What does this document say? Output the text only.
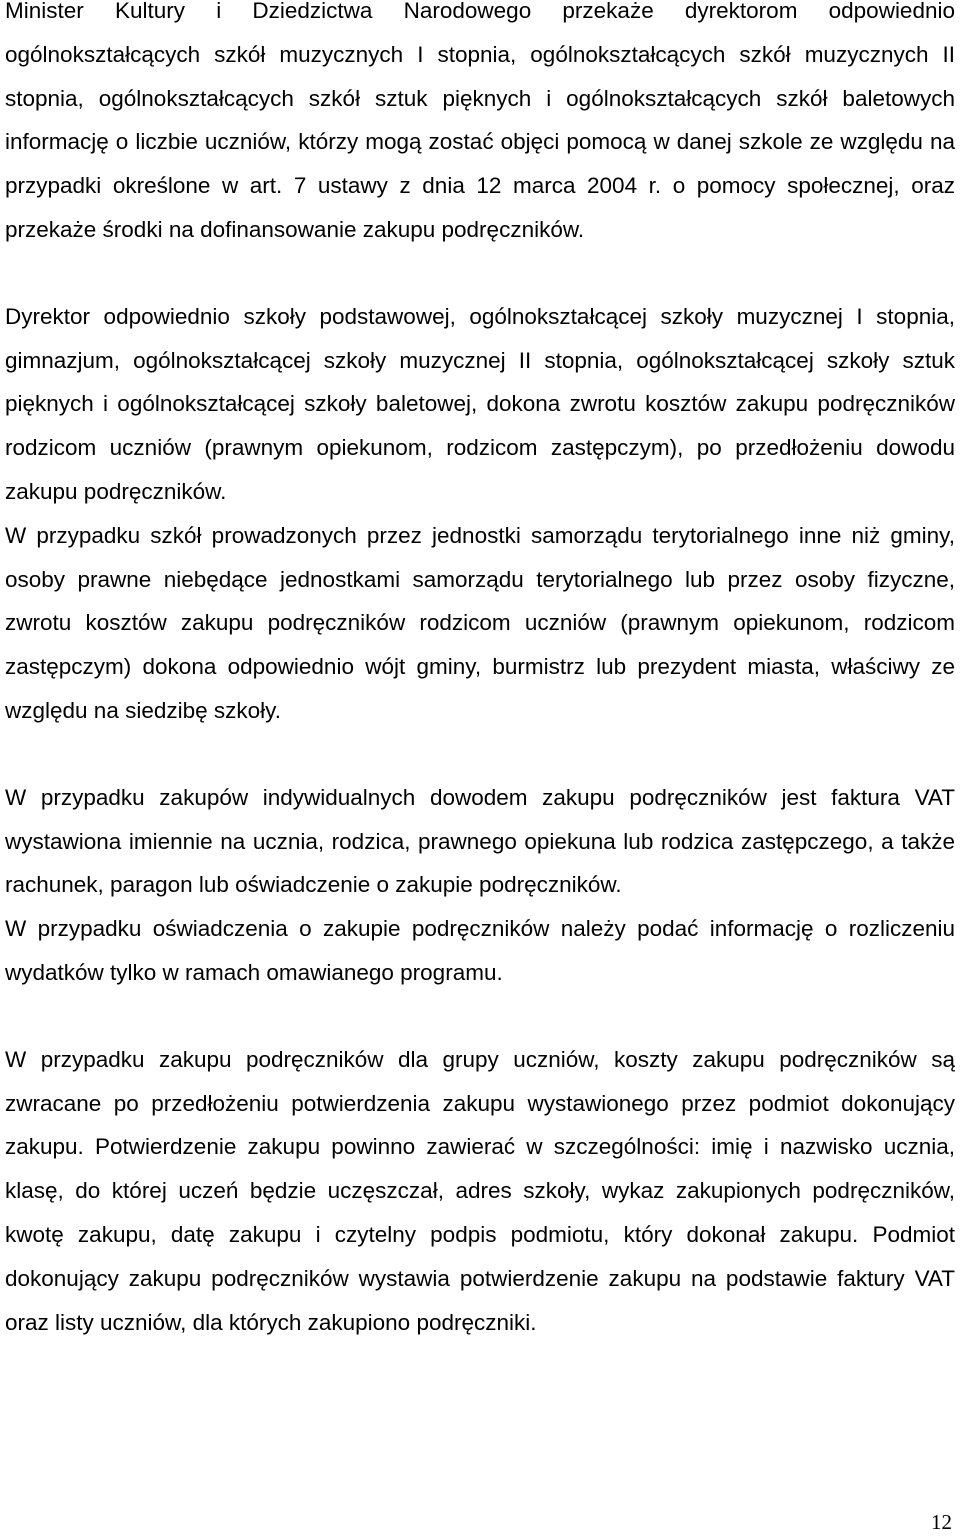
Minister Kultury i Dziedzictwa Narodowego przekaże dyrektorom odpowiednio ogólnokształcących szkół muzycznych I stopnia, ogólnokształcących szkół muzycznych II stopnia, ogólnokształcących szkół sztuk pięknych i ogólnokształcących szkół baletowych informację o liczbie uczniów, którzy mogą zostać objęci pomocą w danej szkole ze względu na przypadki określone w art. 7 ustawy z dnia 12 marca 2004 r. o pomocy społecznej, oraz przekaże środki na dofinansowanie zakupu podręczników.

Dyrektor odpowiednio szkoły podstawowej, ogólnokształcącej szkoły muzycznej I stopnia, gimnazjum, ogólnokształcącej szkoły muzycznej II stopnia, ogólnokształcącej szkoły sztuk pięknych i ogólnokształcącej szkoły baletowej, dokona zwrotu kosztów zakupu podręczników rodzicom uczniów (prawnym opiekunom, rodzicom zastępczym), po przedłożeniu dowodu zakupu podręczników.

W przypadku szkół prowadzonych przez jednostki samorządu terytorialnego inne niż gminy, osoby prawne niebędące jednostkami samorządu terytorialnego lub przez osoby fizyczne, zwrotu kosztów zakupu podręczników rodzicom uczniów (prawnym opiekunom, rodzicom zastępczym) dokona odpowiednio wójt gminy, burmistrz lub prezydent miasta, właściwy ze względu na siedzibę szkoły.

W przypadku zakupów indywidualnych dowodem zakupu podręczników jest faktura VAT wystawiona imiennie na ucznia, rodzica, prawnego opiekuna lub rodzica zastępczego, a także rachunek, paragon lub oświadczenie o zakupie podręczników.

W przypadku oświadczenia o zakupie podręczników należy podać informację o rozliczeniu wydatków tylko w ramach omawianego programu.

W przypadku zakupu podręczników dla grupy uczniów, koszty zakupu podręczników są zwracane po przedłożeniu potwierdzenia zakupu wystawionego przez podmiot dokonujący zakupu. Potwierdzenie zakupu powinno zawierać w szczególności: imię i nazwisko ucznia, klasę, do której uczeń będzie uczęszczał, adres szkoły, wykaz zakupionych podręczników, kwotę zakupu, datę zakupu i czytelny podpis podmiotu, który dokonał zakupu. Podmiot dokonujący zakupu podręczników wystawia potwierdzenie zakupu na podstawie faktury VAT oraz listy uczniów, dla których zakupiono podręczniki.

12
